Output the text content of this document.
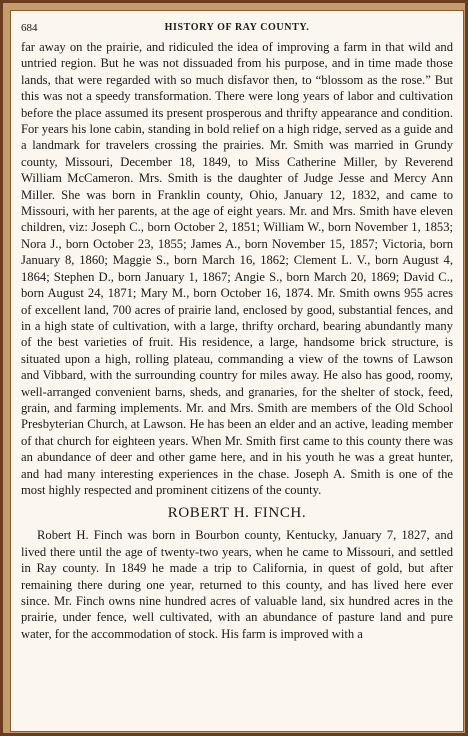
684	HISTORY OF RAY COUNTY.

far away on the prairie, and ridiculed the idea of improving a farm in that wild and untried region. But he was not dissuaded from his purpose, and in time made those lands, that were regarded with so much disfavor then, to “blossom as the rose.” But this was not a speedy transformation. There were long years of labor and cultivation before the place assumed its present prosperous and thrifty appearance and condition. For years his lone cabin, standing in bold relief on a high ridge, served as a guide and a landmark for travelers crossing the prairies. Mr. Smith was married in Grundy county, Missouri, December 18, 1849, to Miss Catherine Miller, by Reverend William McCameron. Mrs. Smith is the daughter of Judge Jesse and Mercy Ann Miller. She was born in Franklin county, Ohio, January 12, 1832, and came to Missouri, with her parents, at the age of eight years. Mr. and Mrs. Smith have eleven children, viz: Joseph C., born October 2, 1851; William W., born November 1, 1853; Nora J., born October 23, 1855; James A., born November 15, 1857; Victoria, born January 8, 1860; Maggie S., born March 16, 1862; Clement L. V., born August 4, 1864; Stephen D., born January 1, 1867; Angie S., born March 20, 1869; David C., born August 24, 1871; Mary M., born October 16, 1874. Mr. Smith owns 955 acres of excellent land, 700 acres of prairie land, enclosed by good, substantial fences, and in a high state of cultivation, with a large, thrifty orchard, bearing abundantly many of the best varieties of fruit. His residence, a large, handsome brick structure, is situated upon a high, rolling plateau, commanding a view of the towns of Lawson and Vibbard, with the surrounding country for miles away. He also has good, roomy, well-arranged convenient barns, sheds, and granaries, for the shelter of stock, feed, grain, and farming implements. Mr. and Mrs. Smith are members of the Old School Presbyterian Church, at Lawson. He has been an elder and an active, leading member of that church for eighteen years. When Mr. Smith first came to this county there was an abundance of deer and other game here, and in his youth he was a great hunter, and had many interesting experiences in the chase. Joseph A. Smith is one of the most highly respected and prominent citizens of the county.

ROBERT H. FINCH.

Robert H. Finch was born in Bourbon county, Kentucky, January 7, 1827, and lived there until the age of twenty-two years, when he came to Missouri, and settled in Ray county. In 1849 he made a trip to California, in quest of gold, but after remaining there during one year, returned to this county, and has lived here ever since. Mr. Finch owns nine hundred acres of valuable land, six hundred acres in the prairie, under fence, well cultivated, with an abundance of pasture land and pure water, for the accommodation of stock. His farm is improved with a
